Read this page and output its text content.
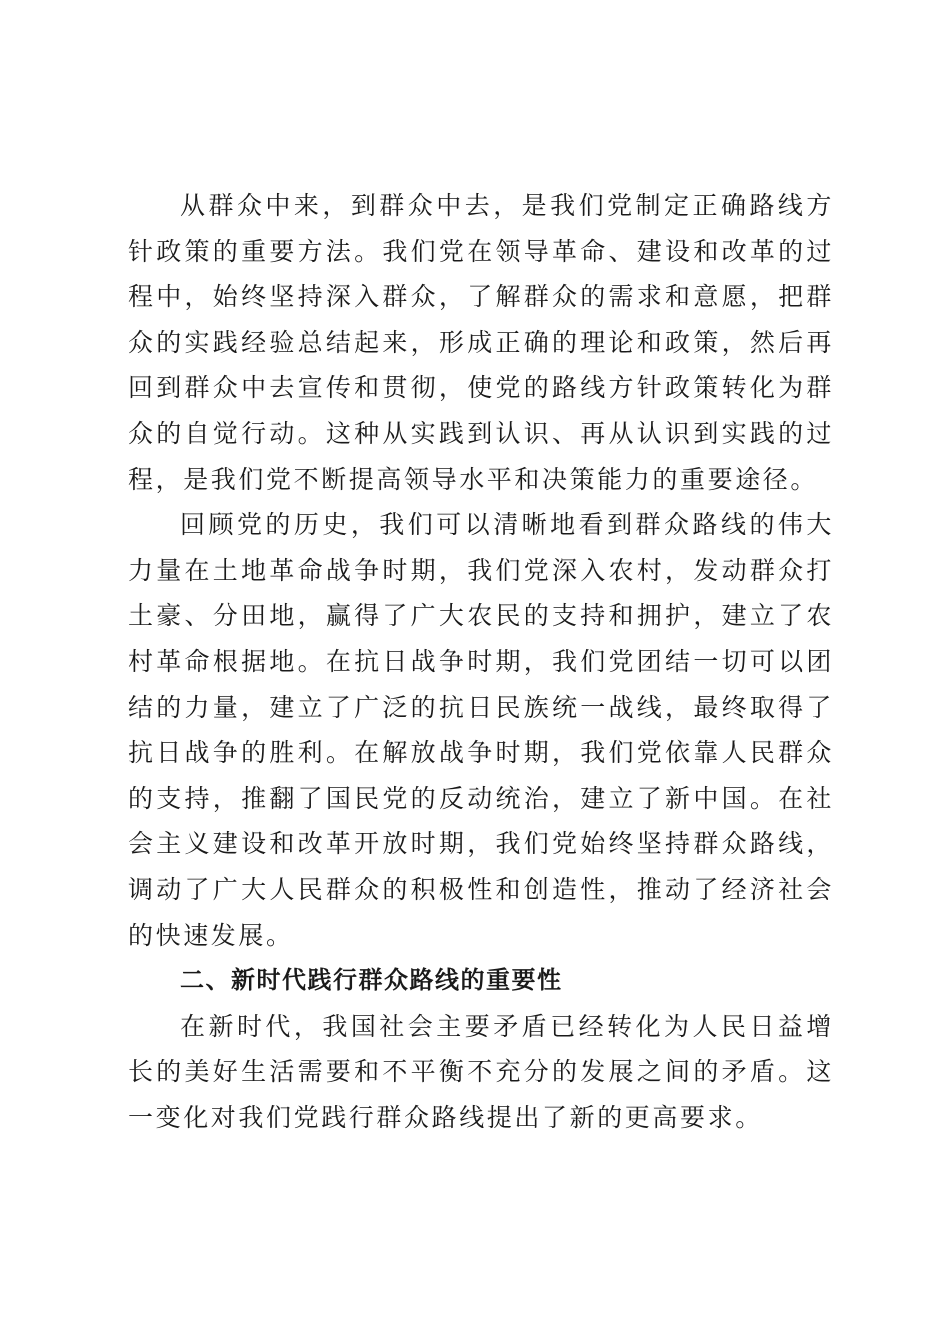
从群众中来，到群众中去，是我们党制定正确路线方针政策的重要方法。我们党在领导革命、建设和改革的过程中，始终坚持深入群众，了解群众的需求和意愿，把群众的实践经验总结起来，形成正确的理论和政策，然后再回到群众中去宣传和贯彻，使党的路线方针政策转化为群众的自觉行动。这种从实践到认识、再从认识到实践的过程，是我们党不断提高领导水平和决策能力的重要途径。

回顾党的历史，我们可以清晰地看到群众路线的伟大力量在土地革命战争时期，我们党深入农村，发动群众打土豪、分田地，赢得了广大农民的支持和拥护，建立了农村革命根据地。在抗日战争时期，我们党团结一切可以团结的力量，建立了广泛的抗日民族统一战线，最终取得了抗日战争的胜利。在解放战争时期，我们党依靠人民群众的支持，推翻了国民党的反动统治，建立了新中国。在社会主义建设和改革开放时期，我们党始终坚持群众路线，调动了广大人民群众的积极性和创造性，推动了经济社会的快速发展。

二、新时代践行群众路线的重要性

在新时代，我国社会主要矛盾已经转化为人民日益增长的美好生活需要和不平衡不充分的发展之间的矛盾。这一变化对我们党践行群众路线提出了新的更高要求。
